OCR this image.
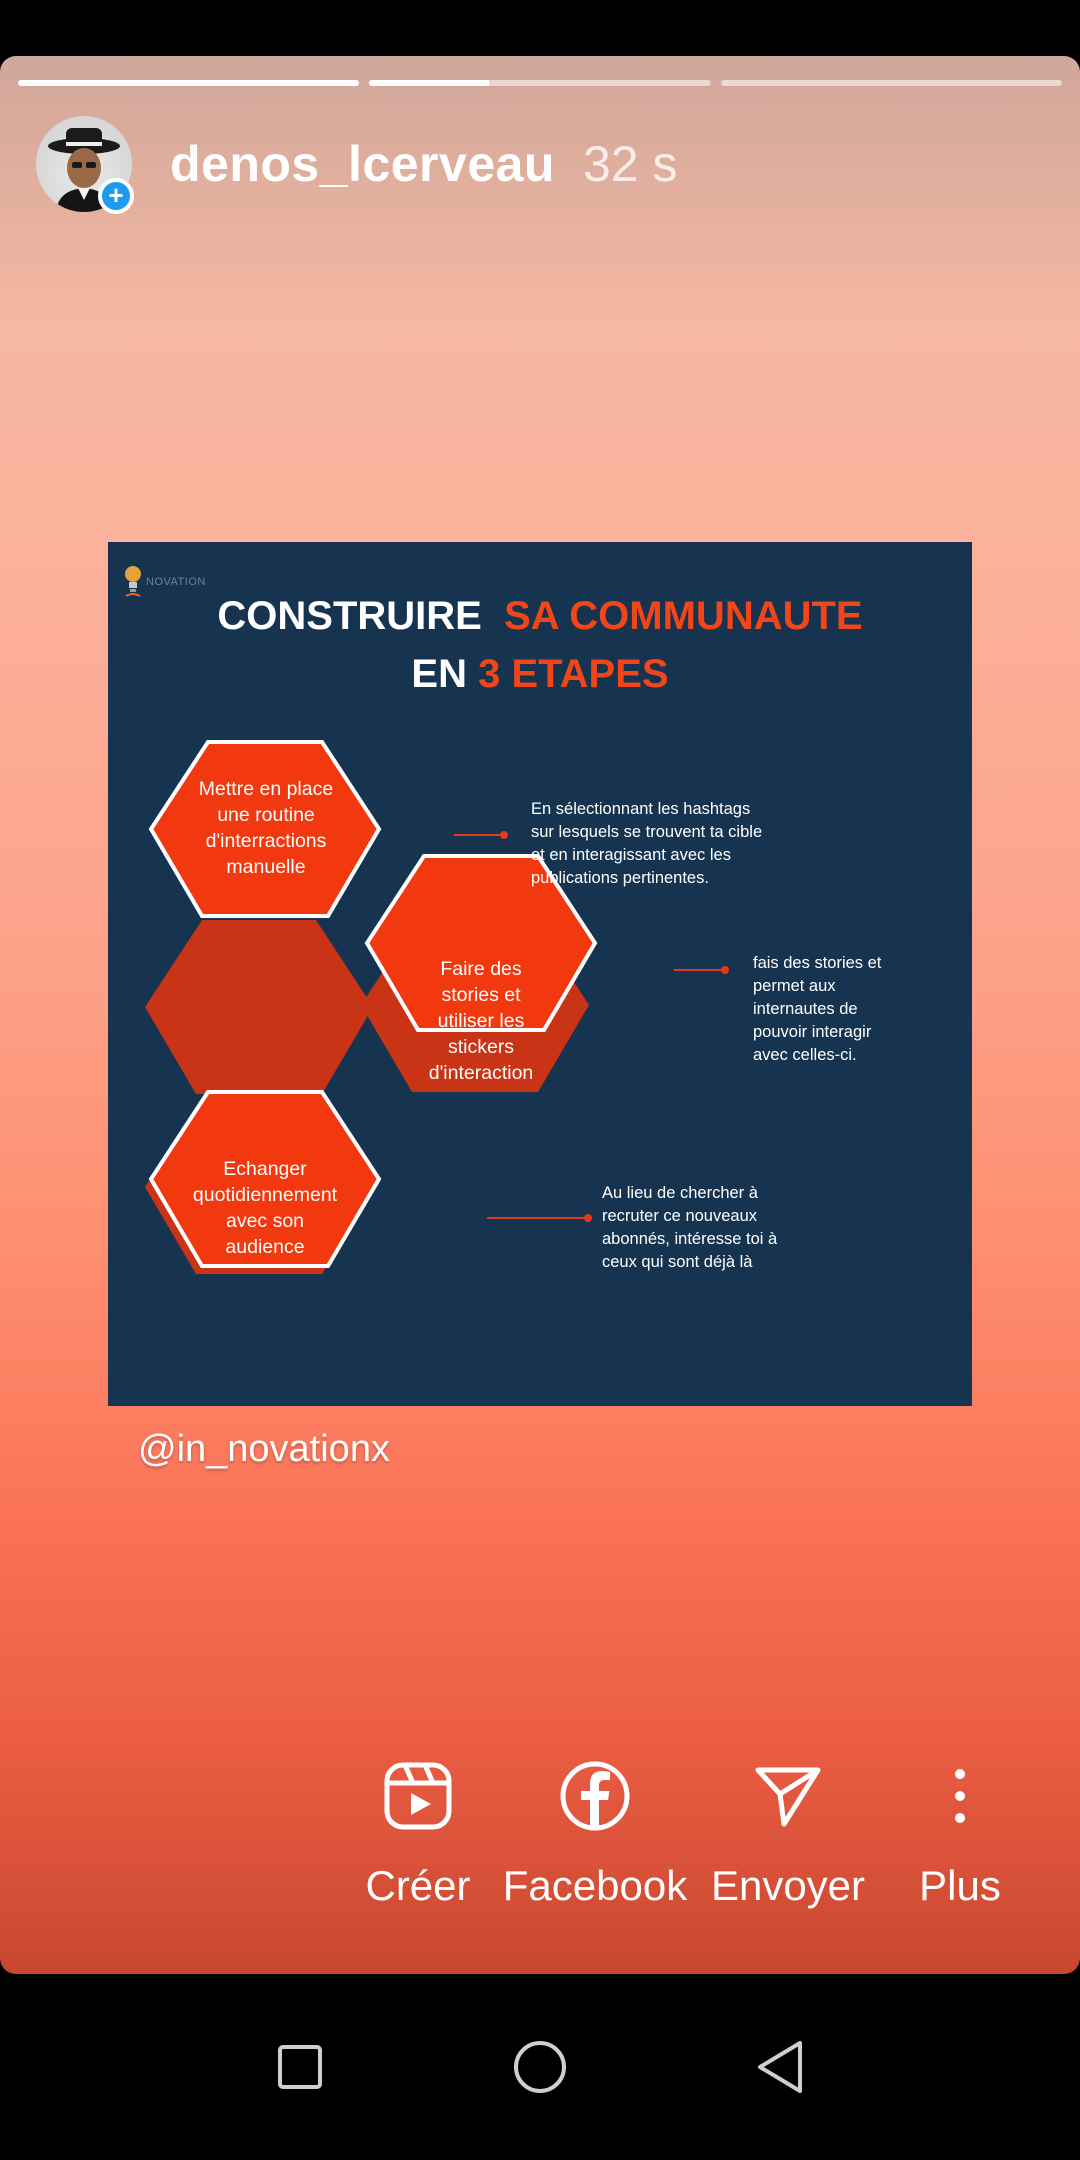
+
denos_lcerveau 32 s
NOVATION
CONSTRUIRE SA COMMUNAUTE
EN 3 ETAPES
Mettre en place
une routine
d'interractions
manuelle
Faire des
stories et
utiliser les
stickers
d'interaction
Echanger
quotidiennement
avec son
audience
En sélectionnant les hashtags
sur lesquels se trouvent ta cible
et en interagissant avec les
publications pertinentes.
fais des stories et
permet aux
internautes de
pouvoir interagir
avec celles-ci.
Au lieu de chercher à
recruter ce nouveaux
abonnés, intéresse toi à
ceux qui sont déjà là
@in_novationx
Créer Facebook Envoyer	Plus
